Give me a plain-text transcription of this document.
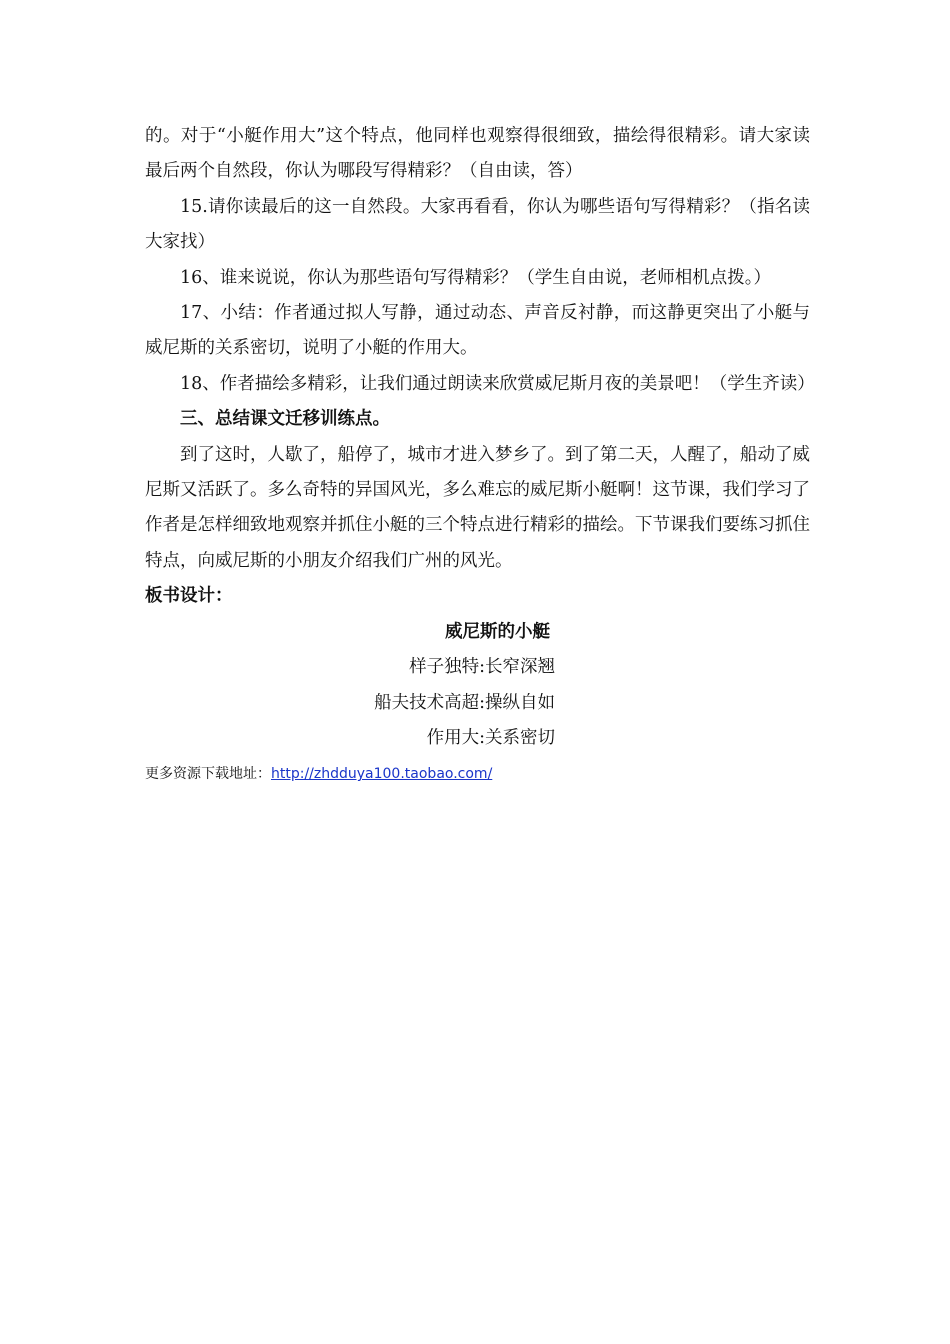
的。对于“小艇作用大”这个特点，他同样也观察得很细致，描绘得很精彩。请大家读最后两个自然段，你认为哪段写得精彩？（自由读，答）

15.请你读最后的这一自然段。大家再看看，你认为哪些语句写得精彩？（指名读大家找）

16、谁来说说，你认为那些语句写得精彩？（学生自由说，老师相机点拨。）

17、小结：作者通过拟人写静，通过动态、声音反衬静，而这静更突出了小艇与威尼斯的关系密切，说明了小艇的作用大。

18、作者描绘多精彩，让我们通过朗读来欣赏威尼斯月夜的美景吧！（学生齐读）

三、总结课文迁移训练点。

到了这时，人歇了，船停了，城市才进入梦乡了。到了第二天，人醒了，船动了威尼斯又活跃了。多么奇特的异国风光，多么难忘的威尼斯小艇啊！这节课，我们学习了作者是怎样细致地观察并抓住小艇的三个特点进行精彩的描绘。下节课我们要练习抓住特点，向威尼斯的小朋友介绍我们广州的风光。

板书设计：

威尼斯的小艇

样子独特:长窄深翘
船夫技术高超:操纵自如
作用大:关系密切
更多资源下载地址：http://zhdduya100.taobao.com/
